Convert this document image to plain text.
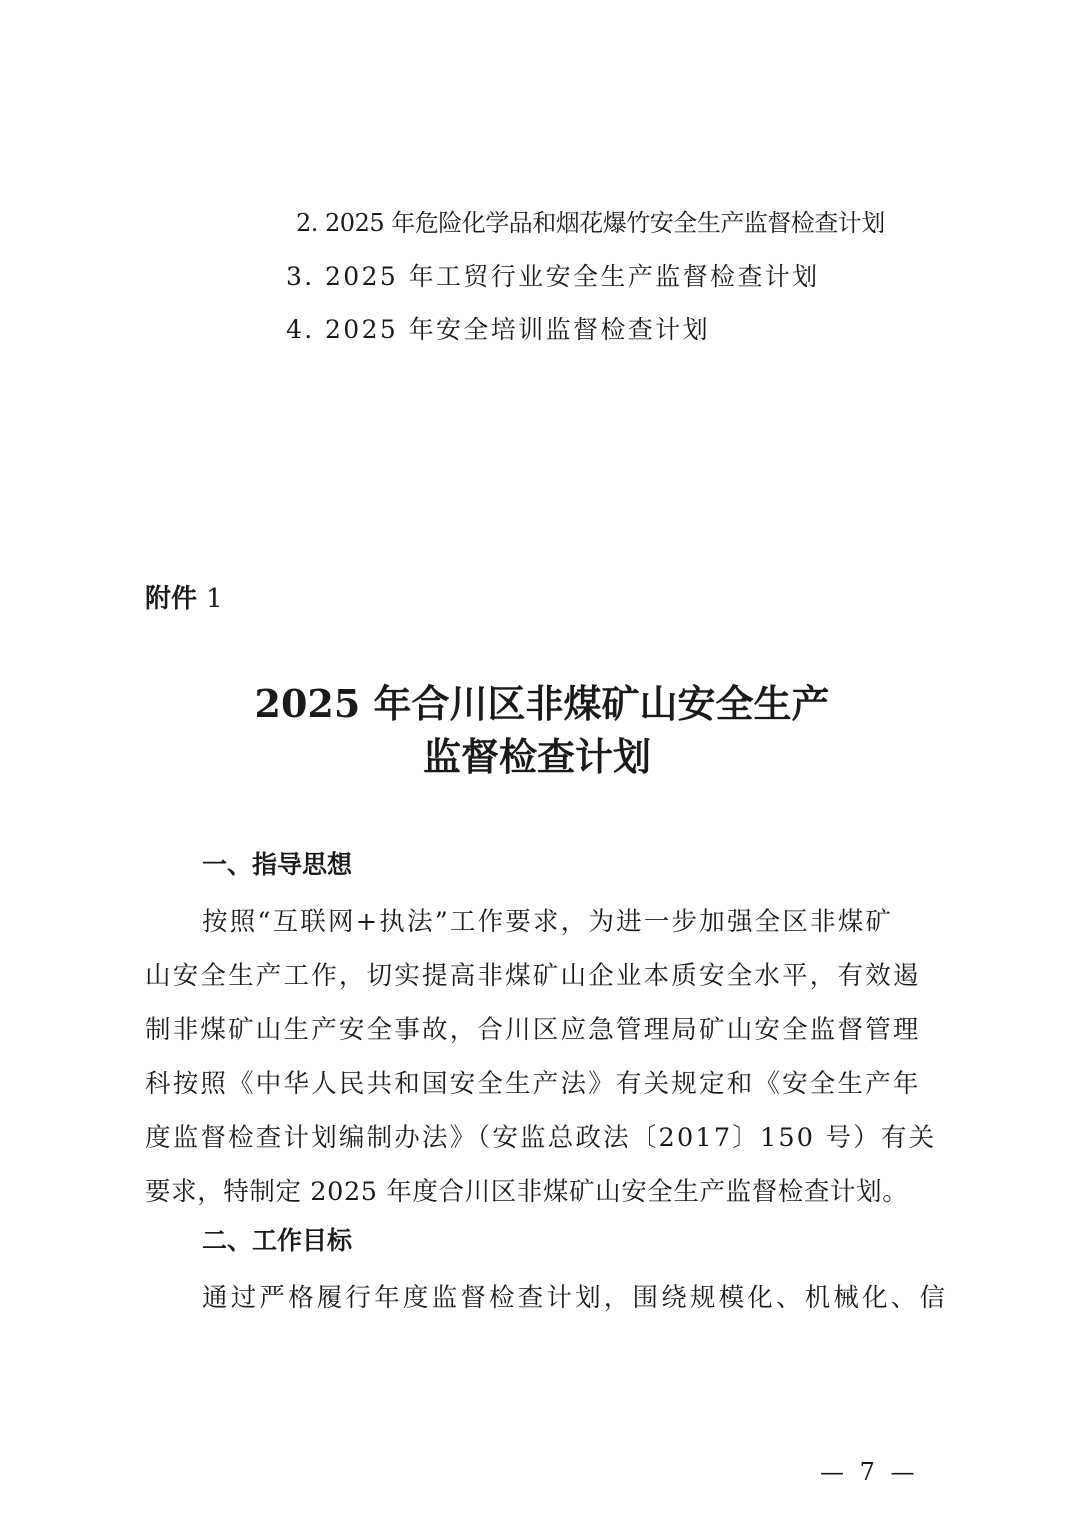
2. 2025 年危险化学品和烟花爆竹安全生产监督检查计划
3. 2025 年工贸行业安全生产监督检查计划
4. 2025 年安全培训监督检查计划
附件 1
2025 年合川区非煤矿山安全生产
监督检查计划
一、指导思想
按照“互联网+执法”工作要求，为进一步加强全区非煤矿
山安全生产工作，切实提高非煤矿山企业本质安全水平，有效遏
制非煤矿山生产安全事故，合川区应急管理局矿山安全监督管理
科按照《中华人民共和国安全生产法》有关规定和《安全生产年
度监督检查计划编制办法》（安监总政法〔2017〕150 号）有关
要求，特制定 2025 年度合川区非煤矿山安全生产监督检查计划。
二、工作目标
通过严格履行年度监督检查计划，围绕规模化、机械化、信
— 7 —
